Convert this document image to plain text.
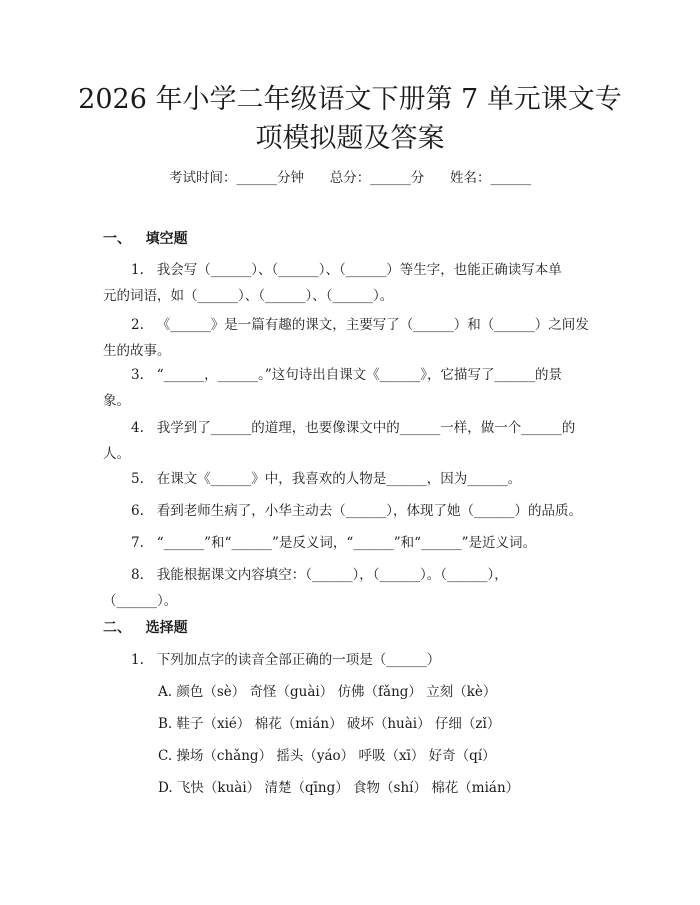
2026 年小学二年级语文下册第 7 单元课文专
项模拟题及答案
考试时间：______分钟      总分：______分      姓名：______
一、   填空题
1.   我会写（______）、（______）、（______）等生字，也能正确读写本单
元的词语，如（______）、（______）、（______）。
2.   《______》是一篇有趣的课文，主要写了（______）和（______）之间发
生的故事。
3.   “______，______。”这句诗出自课文《______》，它描写了______的景
象。
4.   我学到了______的道理，也要像课文中的______一样，做一个______的
人。
5.   在课文《______》中，我喜欢的人物是______，因为______。
6.   看到老师生病了，小华主动去（______），体现了她（______）的品质。
7.   “______”和“______”是反义词，“______”和“______”是近义词。
8.   我能根据课文内容填空：（______），（______）。（______），
（______）。
二、   选择题
1.   下列加点字的读音全部正确的一项是（______）
A. 颜色（sè） 奇怪（guài） 仿佛（fǎng） 立刻（kè）
B. 鞋子（xié） 棉花（mián） 破坏（huài） 仔细（zǐ）
C. 操场（chǎng） 摇头（yáo） 呼吸（xī） 好奇（qí）
D. 飞快（kuài） 清楚（qīng） 食物（shí） 棉花（mián）
